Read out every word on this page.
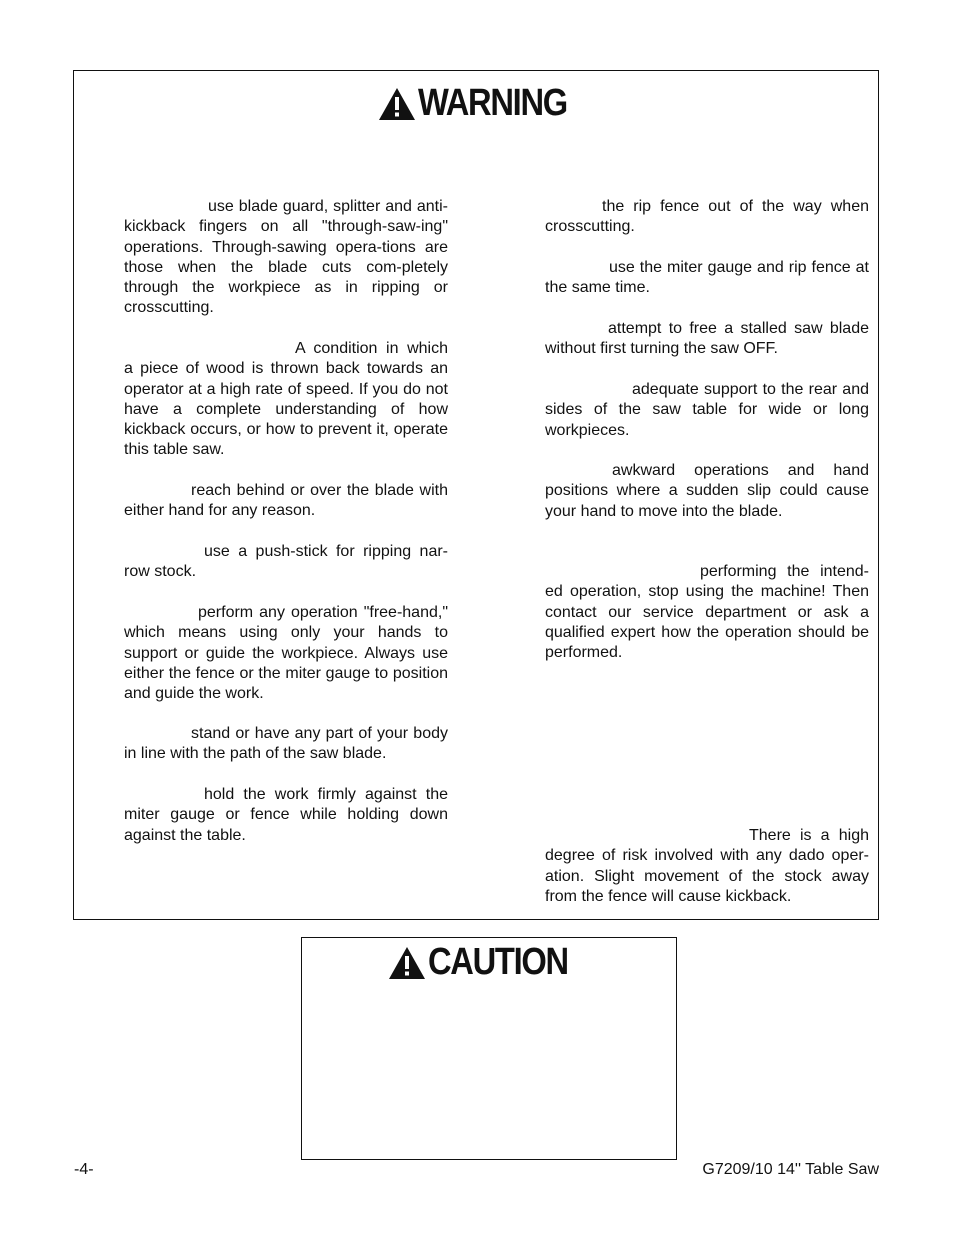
WARNING

use blade guard, splitter and anti-kickback fingers on all "through-saw-ing" operations. Through-sawing opera-tions are those when the blade cuts com-pletely through the workpiece as in ripping or crosscutting.

A condition in which a piece of wood is thrown back towards an operator at a high rate of speed. If you do not have a complete understanding of how kickback occurs, or how to prevent it, operate this table saw.

reach behind or over the blade with either hand for any reason.

use a push-stick for ripping nar-row stock.

perform any operation "free-hand," which means using only your hands to support or guide the workpiece. Always use either the fence or the miter gauge to position and guide the work.

stand or have any part of your body in line with the path of the saw blade.

hold the work firmly against the miter gauge or fence while holding down against the table.

the rip fence out of the way when crosscutting.

use the miter gauge and rip fence at the same time.

attempt to free a stalled saw blade without first turning the saw OFF.

adequate support to the rear and sides of the saw table for wide or long workpieces.

awkward operations and hand positions where a sudden slip could cause your hand to move into the blade.

performing the intend-ed operation, stop using the machine! Then contact our service department or ask a qualified expert how the operation should be performed.

There is a high degree of risk involved with any dado oper-ation. Slight movement of the stock away from the fence will cause kickback.

CAUTION
-4-	G7209/10 14'' Table Saw
